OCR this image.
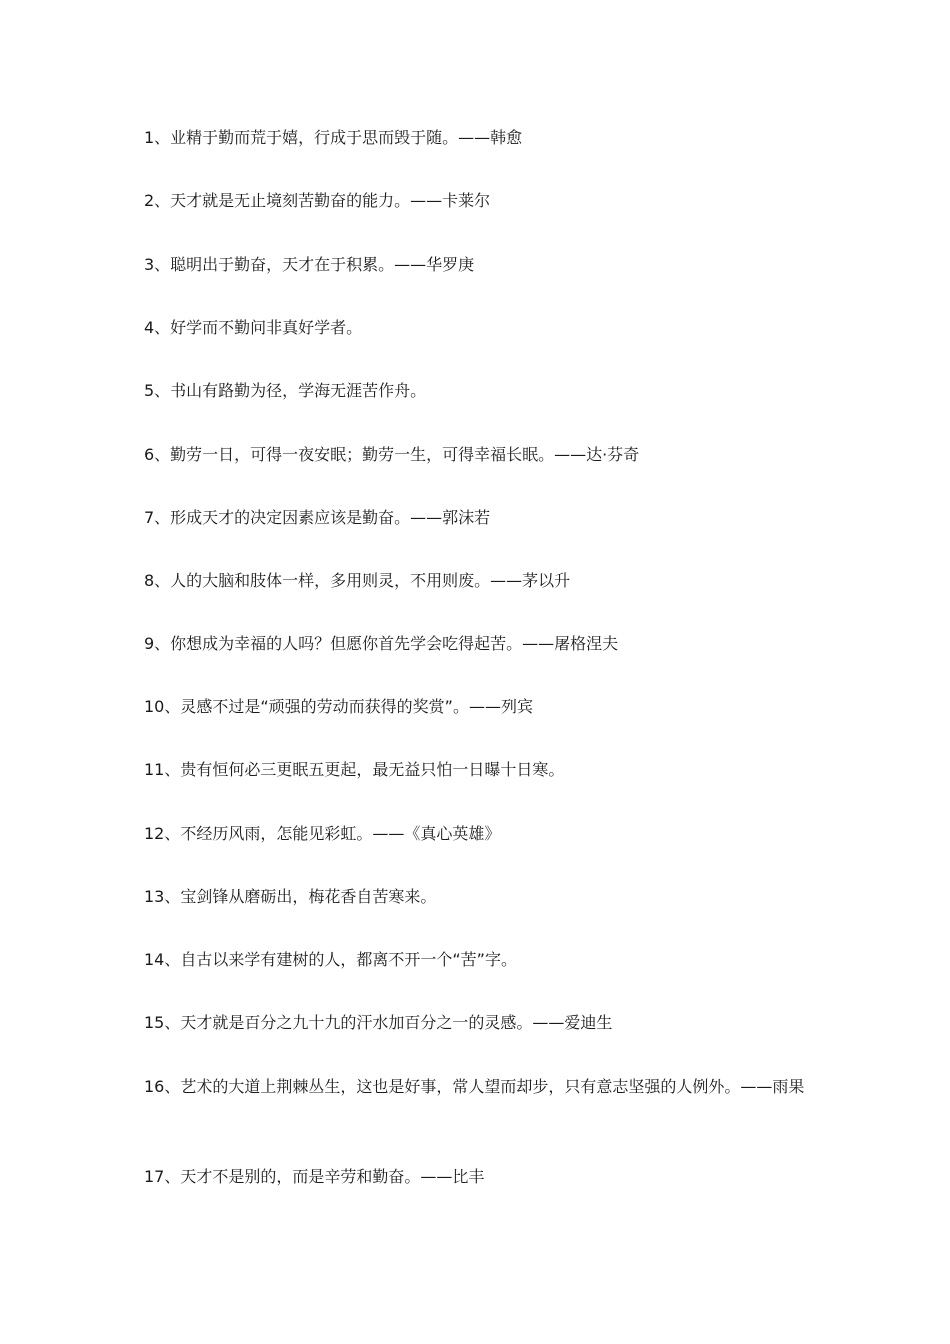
1、业精于勤而荒于嬉，行成于思而毁于随。——韩愈

2、天才就是无止境刻苦勤奋的能力。——卡莱尔

3、聪明出于勤奋，天才在于积累。——华罗庚

4、好学而不勤问非真好学者。

5、书山有路勤为径，学海无涯苦作舟。

6、勤劳一日，可得一夜安眠；勤劳一生，可得幸福长眠。——达·芬奇

7、形成天才的决定因素应该是勤奋。——郭沫若

8、人的大脑和肢体一样，多用则灵，不用则废。——茅以升

9、你想成为幸福的人吗？但愿你首先学会吃得起苦。——屠格涅夫

10、灵感不过是“顽强的劳动而获得的奖赏”。——列宾

11、贵有恒何必三更眠五更起，最无益只怕一日曝十日寒。

12、不经历风雨，怎能见彩虹。——《真心英雄》

13、宝剑锋从磨砺出，梅花香自苦寒来。

14、自古以来学有建树的人，都离不开一个“苦”字。

15、天才就是百分之九十九的汗水加百分之一的灵感。——爱迪生

16、艺术的大道上荆棘丛生，这也是好事，常人望而却步，只有意志坚强的人例外。——雨果

17、天才不是别的，而是辛劳和勤奋。——比丰
